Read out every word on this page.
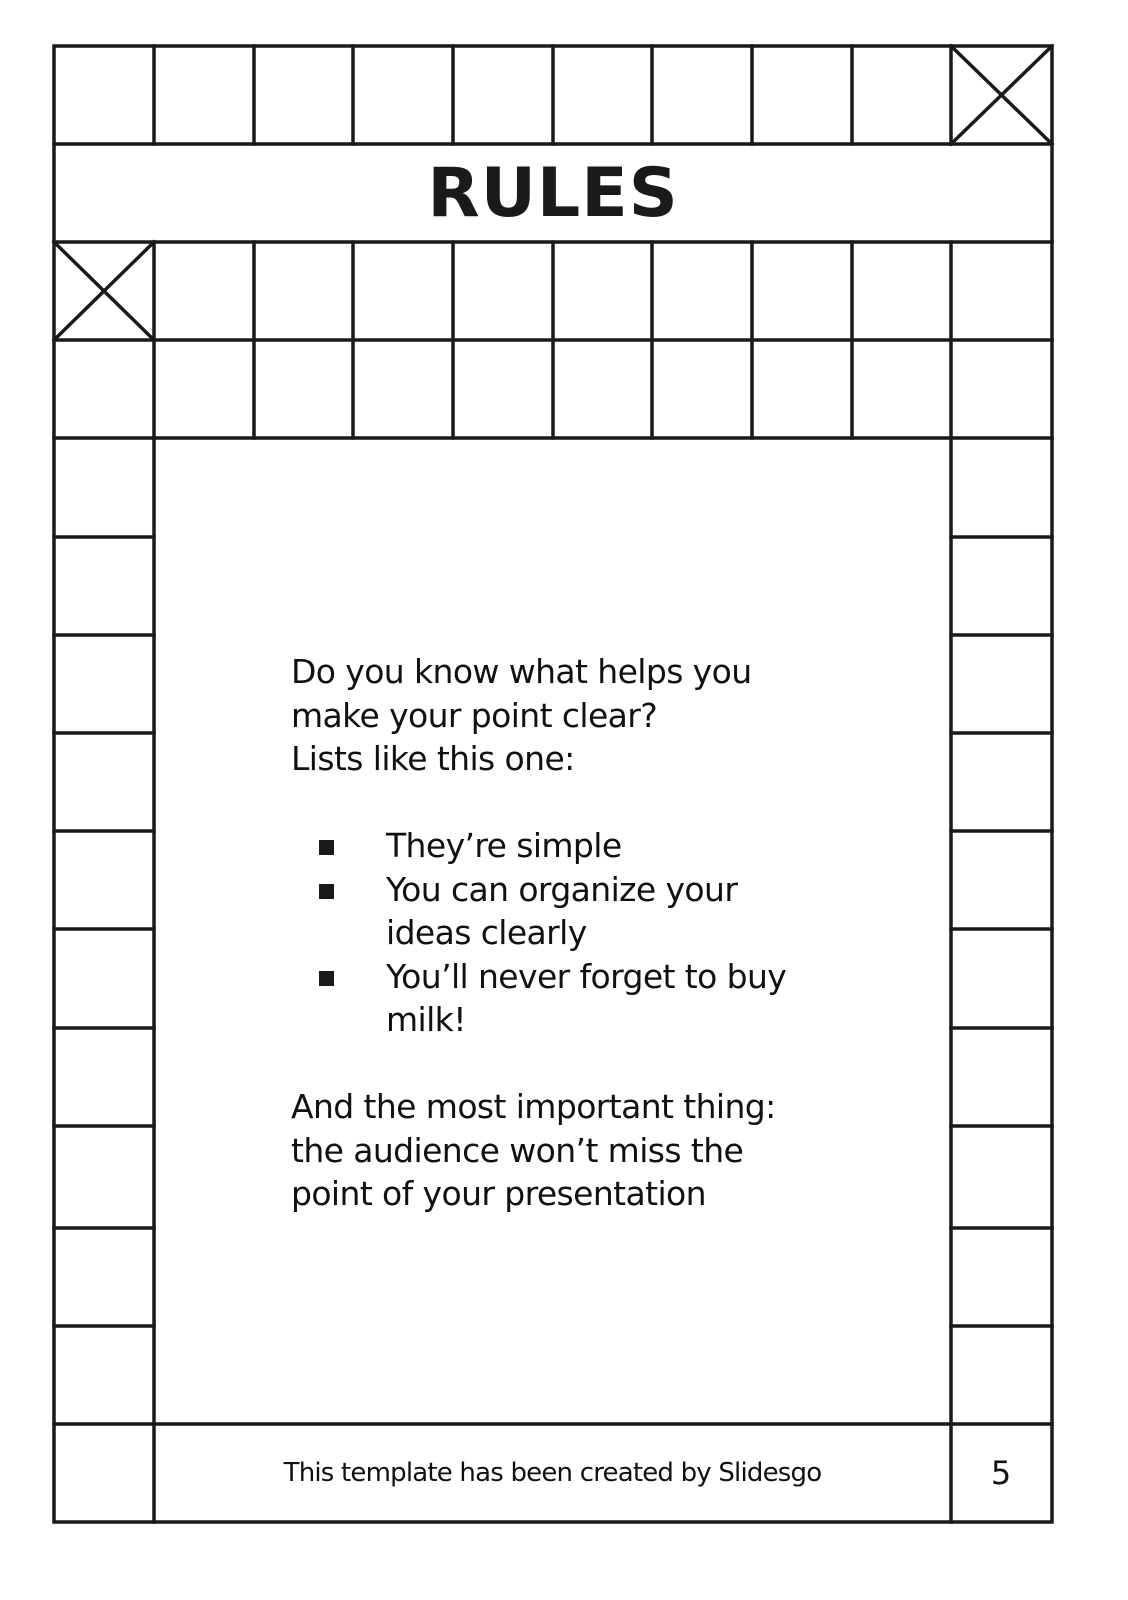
RULES

Do you know what helps you
make your point clear?
Lists like this one:

They’re simple
You can organize your
ideas clearly
You’ll never forget to buy
milk!

And the most important thing:
the audience won’t miss the
point of your presentation

This template has been created by Slidesgo	5
